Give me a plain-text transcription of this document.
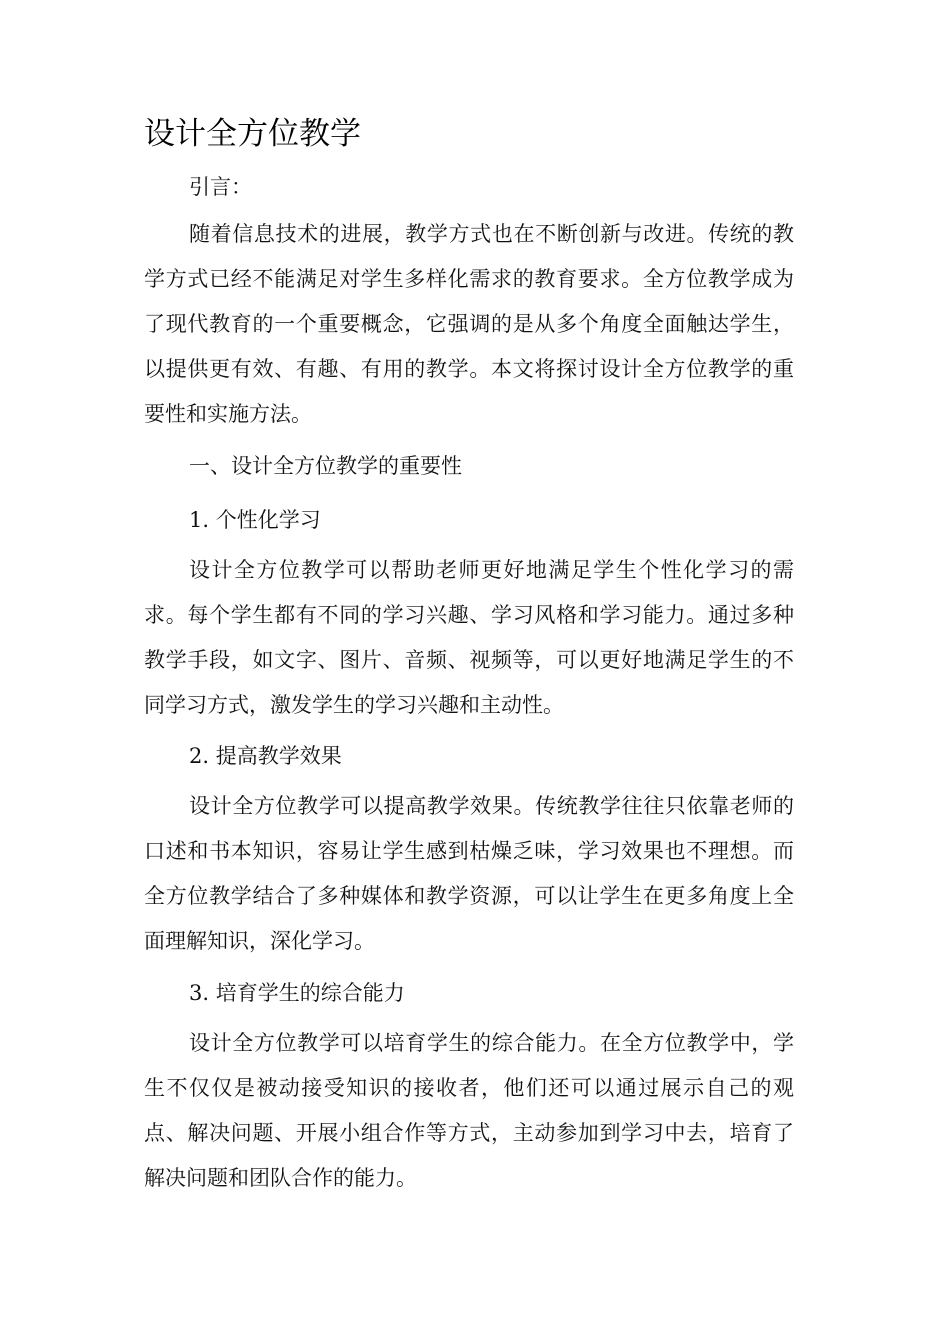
设计全方位教学

引言：

随着信息技术的进展，教学方式也在不断创新与改进。传统的教学方式已经不能满足对学生多样化需求的教育要求。全方位教学成为了现代教育的一个重要概念，它强调的是从多个角度全面触达学生，以提供更有效、有趣、有用的教学。本文将探讨设计全方位教学的重要性和实施方法。

一、设计全方位教学的重要性

1. 个性化学习

设计全方位教学可以帮助老师更好地满足学生个性化学习的需求。每个学生都有不同的学习兴趣、学习风格和学习能力。通过多种教学手段，如文字、图片、音频、视频等，可以更好地满足学生的不同学习方式，激发学生的学习兴趣和主动性。

2. 提高教学效果

设计全方位教学可以提高教学效果。传统教学往往只依靠老师的口述和书本知识，容易让学生感到枯燥乏味，学习效果也不理想。而全方位教学结合了多种媒体和教学资源，可以让学生在更多角度上全面理解知识，深化学习。

3. 培育学生的综合能力

设计全方位教学可以培育学生的综合能力。在全方位教学中，学生不仅仅是被动接受知识的接收者，他们还可以通过展示自己的观点、解决问题、开展小组合作等方式，主动参加到学习中去，培育了解决问题和团队合作的能力。
